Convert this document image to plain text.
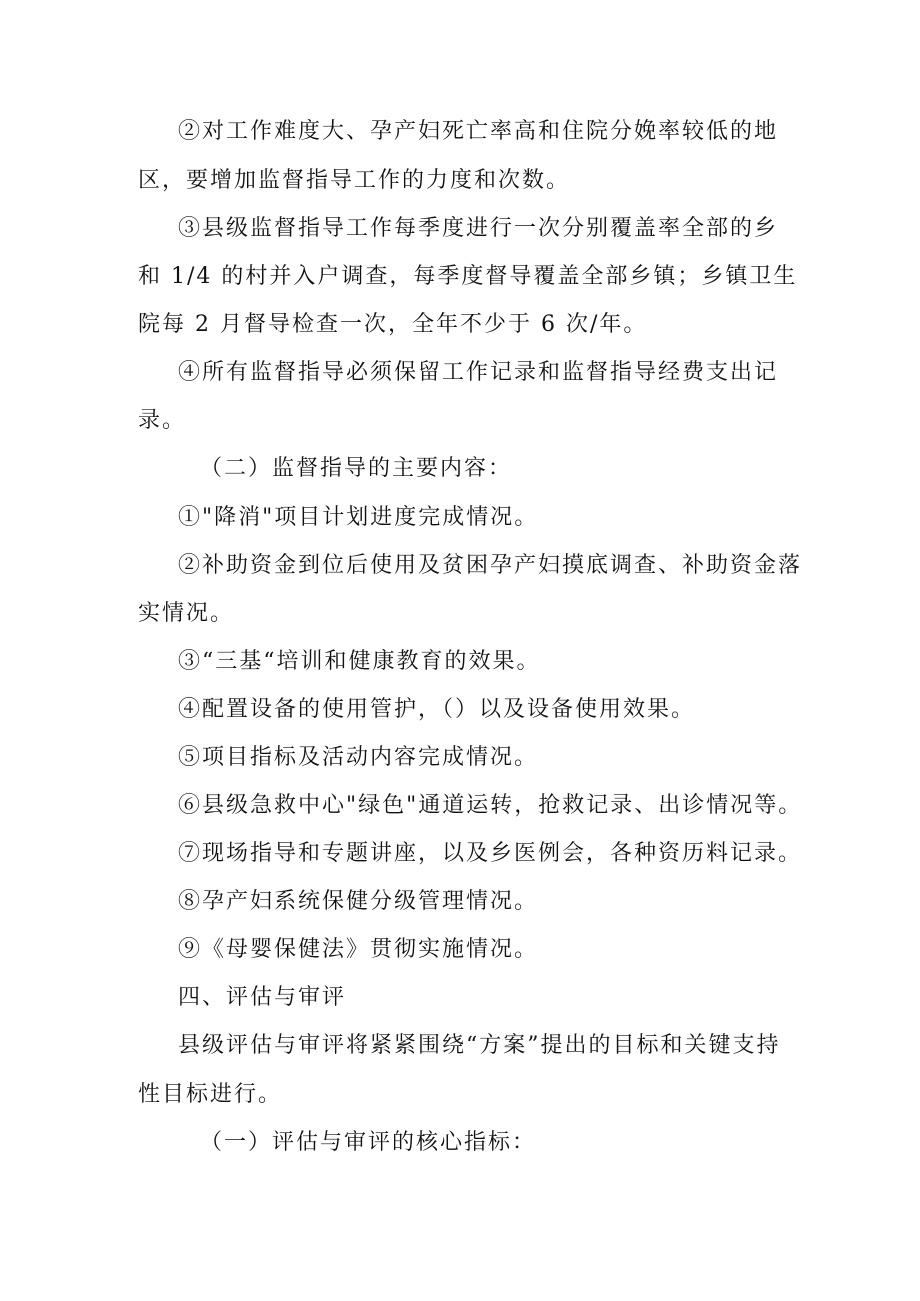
②对工作难度大、孕产妇死亡率高和住院分娩率较低的地
区，要增加监督指导工作的力度和次数。
③县级监督指导工作每季度进行一次分别覆盖率全部的乡
和 1/4 的村并入户调查，每季度督导覆盖全部乡镇；乡镇卫生
院每 2 月督导检查一次，全年不少于 6 次/年。
④所有监督指导必须保留工作记录和监督指导经费支出记
录。
（二）监督指导的主要内容：
①"降消"项目计划进度完成情况。
②补助资金到位后使用及贫困孕产妇摸底调查、补助资金落
实情况。
③“三基“培训和健康教育的效果。
④配置设备的使用管护，（）以及设备使用效果。
⑤项目指标及活动内容完成情况。
⑥县级急救中心"绿色"通道运转，抢救记录、出诊情况等。
⑦现场指导和专题讲座，以及乡医例会，各种资历料记录。
⑧孕产妇系统保健分级管理情况。
⑨《母婴保健法》贯彻实施情况。
四、评估与审评
县级评估与审评将紧紧围绕“方案”提出的目标和关键支持
性目标进行。
（一）评估与审评的核心指标：
